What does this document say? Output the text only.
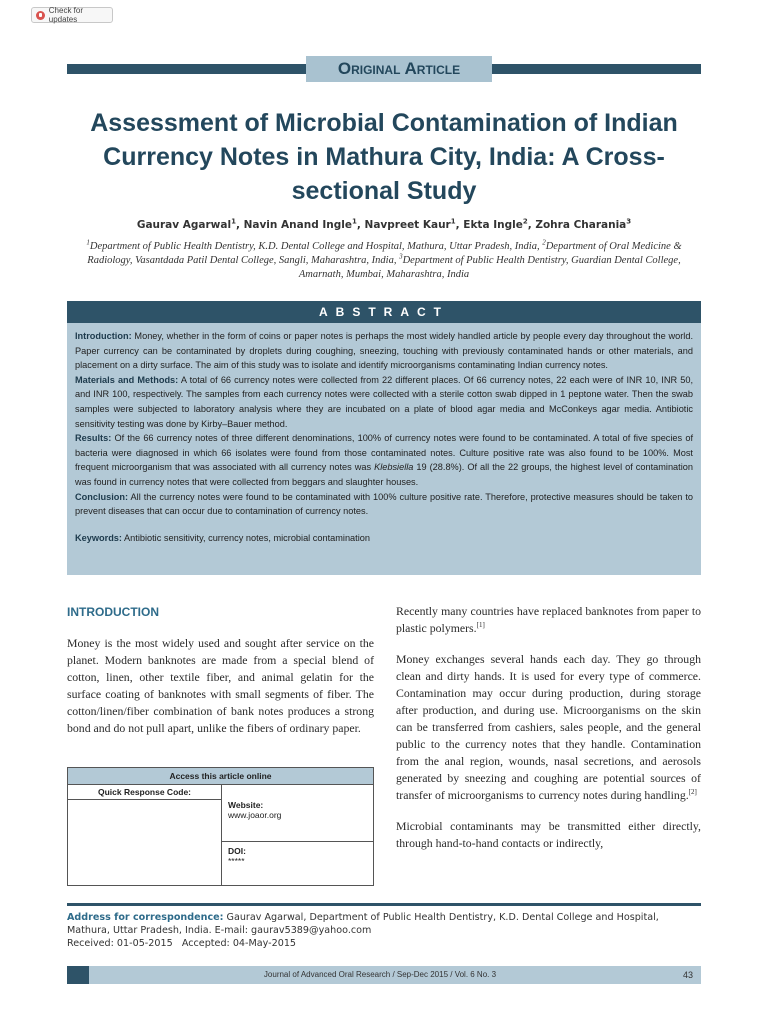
Check for updates
Original Article
Assessment of Microbial Contamination of Indian Currency Notes in Mathura City, India: A Cross-sectional Study
Gaurav Agarwal$^1$, Navin Anand Ingle$^1$, Navpreet Kaur$^1$, Ekta Ingle$^2$, Zohra Charania$^3$
$^1$Department of Public Health Dentistry, K.D. Dental College and Hospital, Mathura, Uttar Pradesh, India, $^2$Department of Oral Medicine & Radiology, Vasantdada Patil Dental College, Sangli, Maharashtra, India, $^3$Department of Public Health Dentistry, Guardian Dental College, Amarnath, Mumbai, Maharashtra, India
ABSTRACT

Introduction: Money, whether in the form of coins or paper notes is perhaps the most widely handled article by people every day throughout the world. Paper currency can be contaminated by droplets during coughing, sneezing, touching with previously contaminated hands or other materials, and placement on a dirty surface. The aim of this study was to isolate and identify microorganisms contaminating Indian currency notes.

Materials and Methods: A total of 66 currency notes were collected from 22 different places. Of 66 currency notes, 22 each were of INR 10, INR 50, and INR 100, respectively. The samples from each currency notes were collected with a sterile cotton swab dipped in 1 peptone water. Then the swab samples were subjected to laboratory analysis where they are incubated on a plate of blood agar media and McConkeys agar media. Antibiotic sensitivity testing was done by Kirby–Bauer method.

Results: Of the 66 currency notes of three different denominations, 100% of currency notes were found to be contaminated. A total of five species of bacteria were diagnosed in which 66 isolates were found from those contaminated notes. Culture positive rate was also found to be 100%. Most frequent microorganism that was associated with all currency notes was Klebsiella 19 (28.8%). Of all the 22 groups, the highest level of contamination was found in currency notes that were collected from beggars and slaughter houses.

Conclusion: All the currency notes were found to be contaminated with 100% culture positive rate. Therefore, protective measures should be taken to prevent diseases that can occur due to contamination of currency notes.

Keywords: Antibiotic sensitivity, currency notes, microbial contamination

INTRODUCTION

Money is the most widely used and sought after service on the planet. Modern banknotes are made from a special blend of cotton, linen, other textile fiber, and animal gelatin for the surface coating of banknotes with small segments of fiber. The cotton/linen/fiber combination of bank notes produces a strong bond and do not pull apart, unlike the fibers of ordinary paper.

Access this article online
Quick Response Code:
Website:
www.joaor.org
DOI:
*****

Recently many countries have replaced banknotes from paper to plastic polymers.[1]

Money exchanges several hands each day. They go through clean and dirty hands. It is used for every type of commerce. Contamination may occur during production, during storage after production, and during use. Microorganisms on the skin can be transferred from cashiers, sales people, and the general public to the currency notes that they handle. Contamination from the anal region, wounds, nasal secretions, and aerosols generated by sneezing and coughing are potential sources of transfer of microorganisms to currency notes during handling.[2]

Microbial contaminants may be transmitted either directly, through hand-to-hand contacts or indirectly,

Address for correspondence: Gaurav Agarwal, Department of Public Health Dentistry, K.D. Dental College and Hospital, Mathura, Uttar Pradesh, India. E-mail: gaurav5389@yahoo.com
Received: 01-05-2015 Accepted: 04-May-2015
Journal of Advanced Oral Research / Sep-Dec 2015 / Vol. 6 No. 3	43
